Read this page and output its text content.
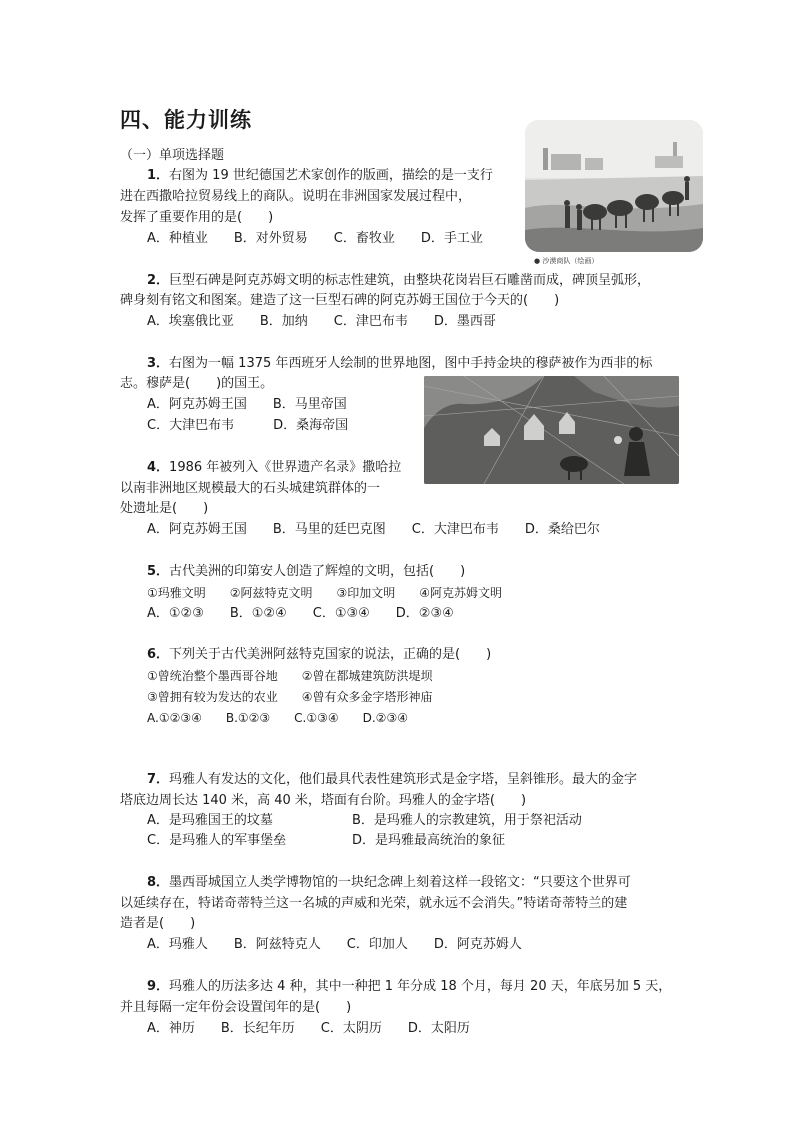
四、能力训练
（一）单项选择题
● 沙漠商队（绘画）
1．右图为 19 世纪德国艺术家创作的版画，描绘的是一支行
进在西撒哈拉贸易线上的商队。说明在非洲国家发展过程中，
发挥了重要作用的是(　　)
A．种植业　　B．对外贸易　　C．畜牧业　　D．手工业
2．巨型石碑是阿克苏姆文明的标志性建筑，由整块花岗岩巨石雕凿而成，碑顶呈弧形，
碑身刻有铭文和图案。建造了这一巨型石碑的阿克苏姆王国位于今天的(　　)
A．埃塞俄比亚　　B．加纳　　C．津巴布韦　　D．墨西哥
3．右图为一幅 1375 年西班牙人绘制的世界地图，图中手持金块的穆萨被作为西非的标
志。穆萨是(　　)的国王。
A．阿克苏姆王国　　B．马里帝国
C．大津巴布韦　　　D．桑海帝国
4．1986 年被列入《世界遗产名录》撒哈拉
以南非洲地区规模最大的石头城建筑群体的一
处遗址是(　　)
A．阿克苏姆王国　　B．马里的廷巴克图　　C．大津巴布韦　　D．桑给巴尔
5．古代美洲的印第安人创造了辉煌的文明，包括(　　)
①玛雅文明　　②阿兹特克文明　　③印加文明　　④阿克苏姆文明
A．①②③　　B．①②④　　C．①③④　　D．②③④
6．下列关于古代美洲阿兹特克国家的说法，正确的是(　　)
①曾统治整个墨西哥谷地　　②曾在都城建筑防洪堤坝
③曾拥有较为发达的农业　　④曾有众多金字塔形神庙
A.①②③④　　B.①②③　　C.①③④　　D.②③④
7．玛雅人有发达的文化，他们最具代表性建筑形式是金字塔，呈斜锥形。最大的金字
塔底边周长达 140 米，高 40 米，塔面有台阶。玛雅人的金字塔(　　)
A．是玛雅国王的坟墓	B．是玛雅人的宗教建筑，用于祭祀活动
C．是玛雅人的军事堡垒	D．是玛雅最高统治的象征
8．墨西哥城国立人类学博物馆的一块纪念碑上刻着这样一段铭文：“只要这个世界可
以延续存在，特诺奇蒂特兰这一名城的声威和光荣，就永远不会消失。”特诺奇蒂特兰的建
造者是(　　)
A．玛雅人　　B．阿兹特克人　　C．印加人　　D．阿克苏姆人
9．玛雅人的历法多达 4 种，其中一种把 1 年分成 18 个月，每月 20 天，年底另加 5 天，
并且每隔一定年份会设置闰年的是(　　)
A．神历　　B．长纪年历　　C．太阴历　　D．太阳历
